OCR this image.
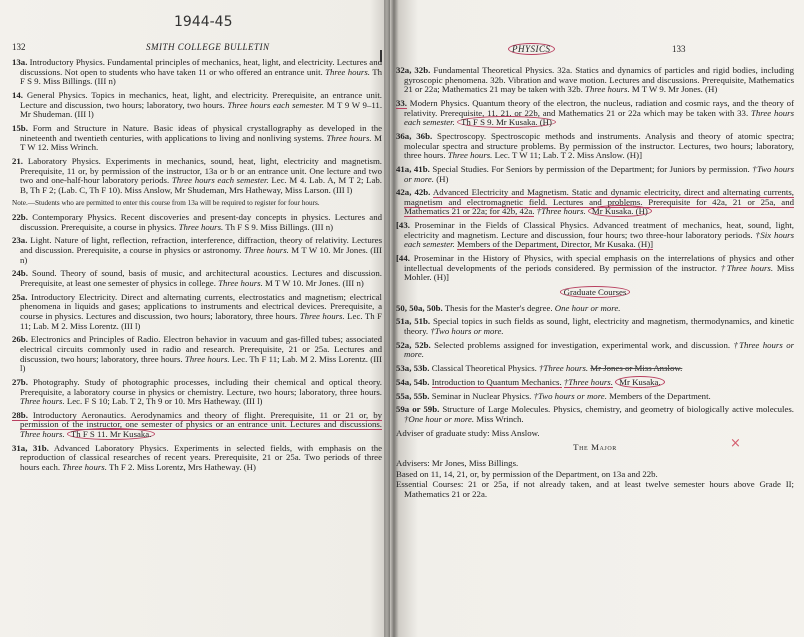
1944-45
132	SMITH COLLEGE BULLETIN

13a. Introductory Physics. Fundamental principles of mechanics, heat, light, and electricity. Lectures and discussions. Not open to students who have taken 11 or who offered an entrance unit. Three hours. Th F S 9. Miss Billings. (III n)

14. General Physics. Topics in mechanics, heat, light, and electricity. Prerequisite, an entrance unit. Lecture and discussion, two hours; laboratory, two hours. Three hours each semester. M T 9 W 9–11. Mr Shudeman. (III l)

15b. Form and Structure in Nature. Basic ideas of physical crystallography as developed in the nineteenth and twentieth centuries, with applications to living and nonliving systems. Three hours. M T W 12. Miss Wrinch.

21. Laboratory Physics. Experiments in mechanics, sound, heat, light, electricity and magnetism. Prerequisite, 11 or, by permission of the instructor, 13a or b or an entrance unit. One lecture and two two and one-half-hour laboratory periods. Three hours each semester. Lec. M 4. Lab. A, M T 2; Lab. B, Th F 2; (Lab. C, Th F 10). Miss Anslow, Mr Shudeman, Mrs Hatheway, Miss Larson. (III l)

Note.—Students who are permitted to enter this course from 13a will be required to register for four hours.

22b. Contemporary Physics. Recent discoveries and present-day concepts in physics. Lectures and discussion. Prerequisite, a course in physics. Three hours. Th F S 9. Miss Billings. (III n)

23a. Light. Nature of light, reflection, refraction, interference, diffraction, theory of relativity. Lectures and discussion. Prerequisite, a course in physics or astronomy. Three hours. M T W 10. Mr Jones. (III n)

24b. Sound. Theory of sound, basis of music, and architectural acoustics. Lectures and discussion. Prerequisite, at least one semester of physics in college. Three hours. M T W 10. Mr Jones. (III n)

25a. Introductory Electricity. Direct and alternating currents, electrostatics and magnetism; electrical phenomena in liquids and gases; applications to instruments and electrical devices. Prerequisite, a course in physics. Lectures and discussion, two hours; laboratory, three hours. Three hours. Lec. Th F 11; Lab. M 2. Miss Lorentz. (III l)

26b. Electronics and Principles of Radio. Electron behavior in vacuum and gas-filled tubes; associated electrical circuits commonly used in radio and research. Prerequisite, 21 or 25a. Lectures and discussion, two hours; laboratory, three hours. Three hours. Lec. Th F 11; Lab. M 2. Miss Lorentz. (III l)

27b. Photography. Study of photographic processes, including their chemical and optical theory. Prerequisite, a laboratory course in physics or chemistry. Lecture, two hours; laboratory, three hours. Three hours. Lec. F S 10; Lab. T 2, Th 9 or 10. Mrs Hatheway. (III l)

28b. Introductory Aeronautics. Aerodynamics and theory of flight. Prerequisite, 11 or 21 or, by permission of the instructor, one semester of physics or an entrance unit. Lectures and discussions. Three hours. Th F S 11. Mr Kusaka.

31a, 31b. Advanced Laboratory Physics. Experiments in selected fields, with emphasis on the reproduction of classical researches of recent years. Prerequisite, 21 or 25a. Two periods of three hours each. Three hours. Th F 2. Miss Lorentz, Mrs Hatheway. (H)

PHYSICS	133

32a, 32b. Fundamental Theoretical Physics. 32a. Statics and dynamics of particles and rigid bodies, including gyroscopic phenomena. 32b. Vibration and wave motion. Lectures and discussions. Prerequisite, Mathematics 21 or 22a; Mathematics 21 may be taken with 32b. Three hours. M T W 9. Mr Jones. (H)

33. Modern Physics. Quantum theory of the electron, the nucleus, radiation and cosmic rays, and the theory of relativity. Prerequisite, 11, 21, or 22b, and Mathematics 21 or 22a which may be taken with 33. Three hours each semester. Th F S 9. Mr Kusaka. (H)

36a, 36b. Spectroscopy. Spectroscopic methods and instruments. Analysis and theory of atomic spectra; molecular spectra and structure problems. By permission of the instructor. Lectures, two hours; laboratory, three hours. Three hours. Lec. T W 11; Lab. T 2. Miss Anslow. (H)]

41a, 41b. Special Studies. For Seniors by permission of the Department; for Juniors by permission. †Two hours or more. (H)

42a, 42b. Advanced Electricity and Magnetism. Static and dynamic electricity, direct and alternating currents, magnetism and electromagnetic field. Lectures and problems. Prerequisite for 42a, 21 or 25a, and Mathematics 21 or 22a; for 42b, 42a. †Three hours. Mr Kusaka. (H)

[43. Proseminar in the Fields of Classical Physics. Advanced treatment of mechanics, heat, sound, light, electricity and magnetism. Lecture and discussion, four hours; two three-hour laboratory periods. †Six hours each semester. Members of the Department, Director, Mr Kusaka. (H)]

[44. Proseminar in the History of Physics, with special emphasis on the interrelations of physics and other intellectual developments of the periods considered. By permission of the instructor. †Three hours. Miss Mohler. (H)]

Graduate Courses

50, 50a, 50b. Thesis for the Master's degree. One hour or more.

51a, 51b. Special topics in such fields as sound, light, electricity and magnetism, thermodynamics, and kinetic theory. †Two hours or more.

52a, 52b. Selected problems assigned for investigation, experimental work, and discussion. †Three hours or more.

53a, 53b. Classical Theoretical Physics. †Three hours. Mr Jones or Miss Anslow.

54a, 54b. Introduction to Quantum Mechanics. †Three hours. Mr Kusaka.

55a, 55b. Seminar in Nuclear Physics. †Two hours or more. Members of the Department.

59a or 59b. Structure of Large Molecules. Physics, chemistry, and geometry of biologically active molecules. †One hour or more. Miss Wrinch.

Adviser of graduate study: Miss Anslow.

The Major

Advisers: Mr Jones, Miss Billings.

Based on 11, 14, 21, or, by permission of the Department, on 13a and 22b.

Essential Courses: 21 or 25a, if not already taken, and at least twelve semester hours above Grade II; Mathematics 21 or 22a.

×
